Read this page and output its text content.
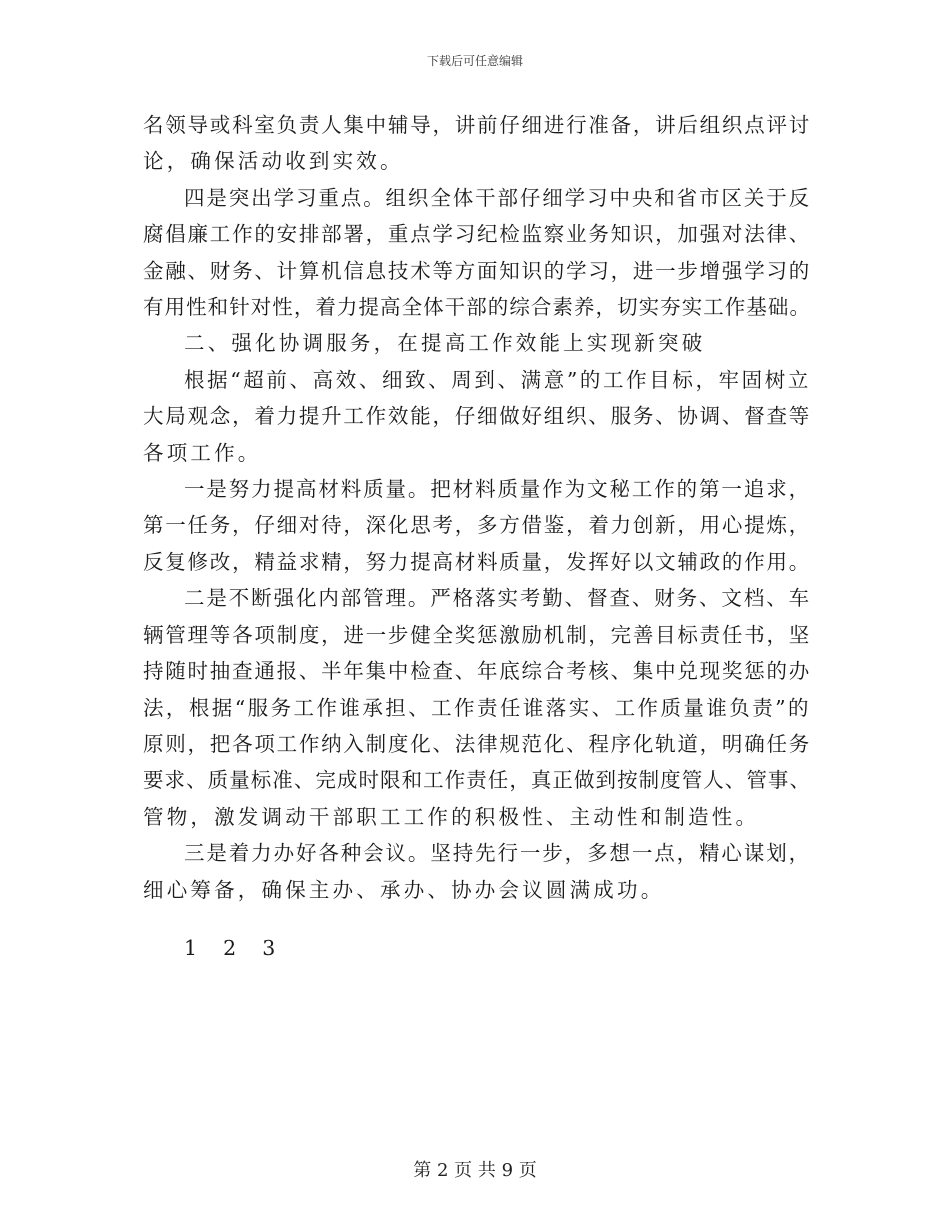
下载后可任意编辑
名领导或科室负责人集中辅导，讲前仔细进行准备，讲后组织点评讨
论，确保活动收到实效。
四是突出学习重点。组织全体干部仔细学习中央和省市区关于反
腐倡廉工作的安排部署，重点学习纪检监察业务知识，加强对法律、
金融、财务、计算机信息技术等方面知识的学习，进一步增强学习的
有用性和针对性，着力提高全体干部的综合素养，切实夯实工作基础。
二、强化协调服务，在提高工作效能上实现新突破
根据“超前、高效、细致、周到、满意”的工作目标，牢固树立
大局观念，着力提升工作效能，仔细做好组织、服务、协调、督查等
各项工作。
一是努力提高材料质量。把材料质量作为文秘工作的第一追求，
第一任务，仔细对待，深化思考，多方借鉴，着力创新，用心提炼，
反复修改，精益求精，努力提高材料质量，发挥好以文辅政的作用。
二是不断强化内部管理。严格落实考勤、督查、财务、文档、车
辆管理等各项制度，进一步健全奖惩激励机制，完善目标责任书，坚
持随时抽查通报、半年集中检查、年底综合考核、集中兑现奖惩的办
法，根据“服务工作谁承担、工作责任谁落实、工作质量谁负责”的
原则，把各项工作纳入制度化、法律规范化、程序化轨道，明确任务
要求、质量标准、完成时限和工作责任，真正做到按制度管人、管事、
管物，激发调动干部职工工作的积极性、主动性和制造性。
三是着力办好各种会议。坚持先行一步，多想一点，精心谋划，
细心筹备，确保主办、承办、协办会议圆满成功。
1    2    3
第 2 页 共 9 页
